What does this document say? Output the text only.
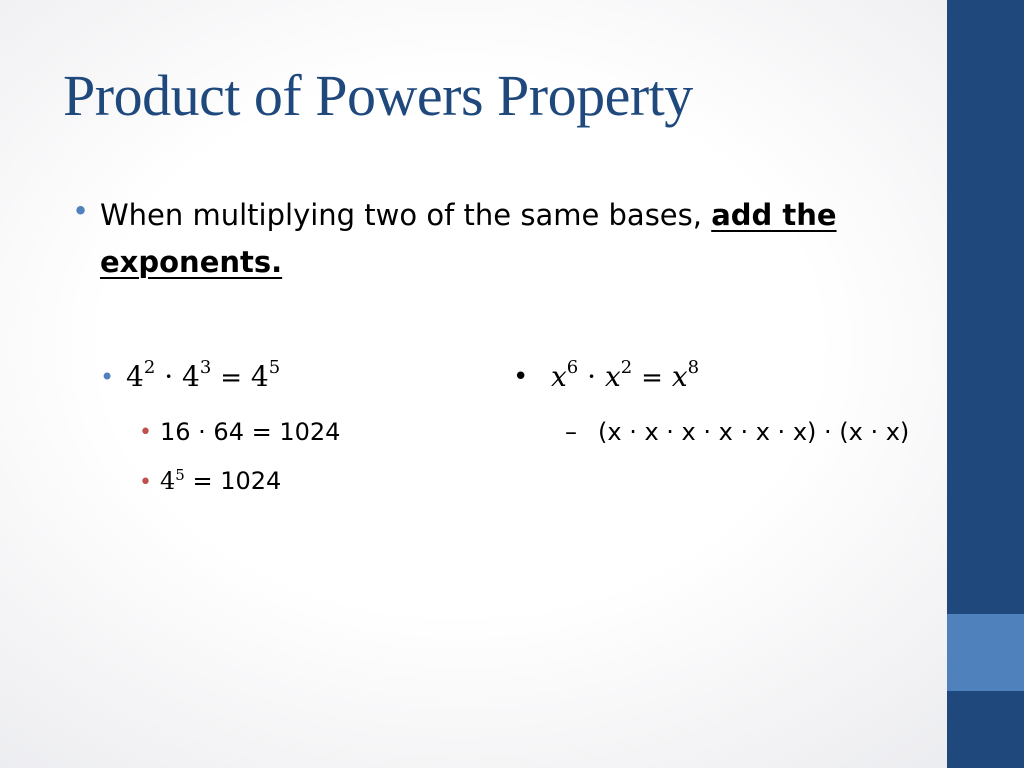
Product of Powers Property
• When multiplying two of the same bases, add the
exponents.

• $4^2 \cdot 4^3 = 4^5$
• 16 · 64 = 1024
• $4^5 = 1024$
• $x^6 \cdot x^2 = x^8$
– (x · x · x · x · x · x) · (x · x)
